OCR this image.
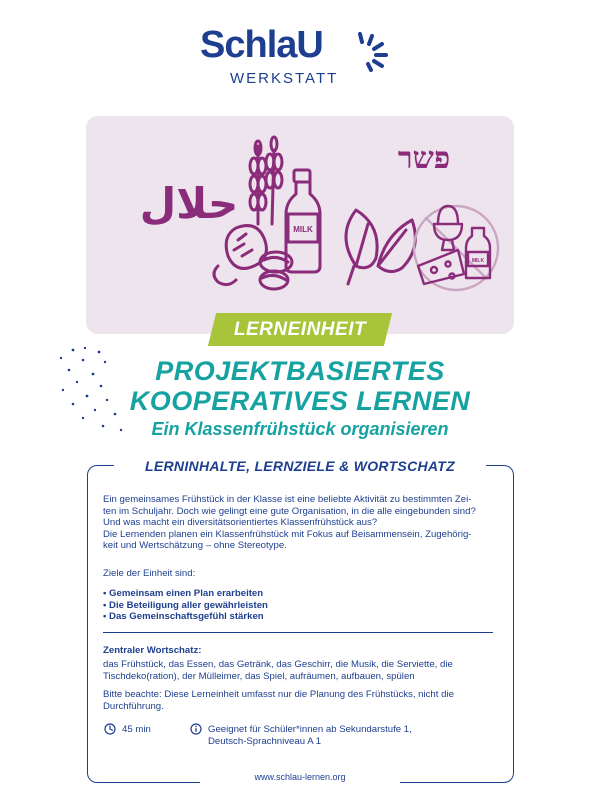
SchlaU
WERKSTATT
حلال
פשר
MILK
MILK
LERNEINHEIT
PROJEKTBASIERTES
KOOPERATIVES LERNEN
Ein Klassenfrühstück organisieren
LERNINHALTE, LERNZIELE & WORTSCHATZ

Ein gemeinsames Frühstück in der Klasse ist eine beliebte Aktivität zu bestimmten Zei-

ten im Schuljahr. Doch wie gelingt eine gute Organisation, in die alle eingebunden sind?

Und was macht ein diversitätsorientiertes Klassenfrühstück aus?

Die Lernenden planen ein Klassenfrühstück mit Fokus auf Beisammensein, Zugehörig-

keit und Wertschätzung – ohne Stereotype.

Ziele der Einheit sind:
• Gemeinsam einen Plan erarbeiten
• Die Beteiligung aller gewährleisten
• Das Gemeinschaftsgefühl stärken
Zentraler Wortschatz:
das Frühstück, das Essen, das Getränk, das Geschirr, die Musik, die Serviette, die
Tischdeko(ration), der Mülleimer, das Spiel, aufräumen, aufbauen, spülen
Bitte beachte: Diese Lerneinheit umfasst nur die Planung des Frühstücks, nicht die
Durchführung.
45 min	Geeignet für Schüler*innen ab Sekundarstufe 1,
Deutsch-Sprachniveau A 1
www.schlau-lernen.org
